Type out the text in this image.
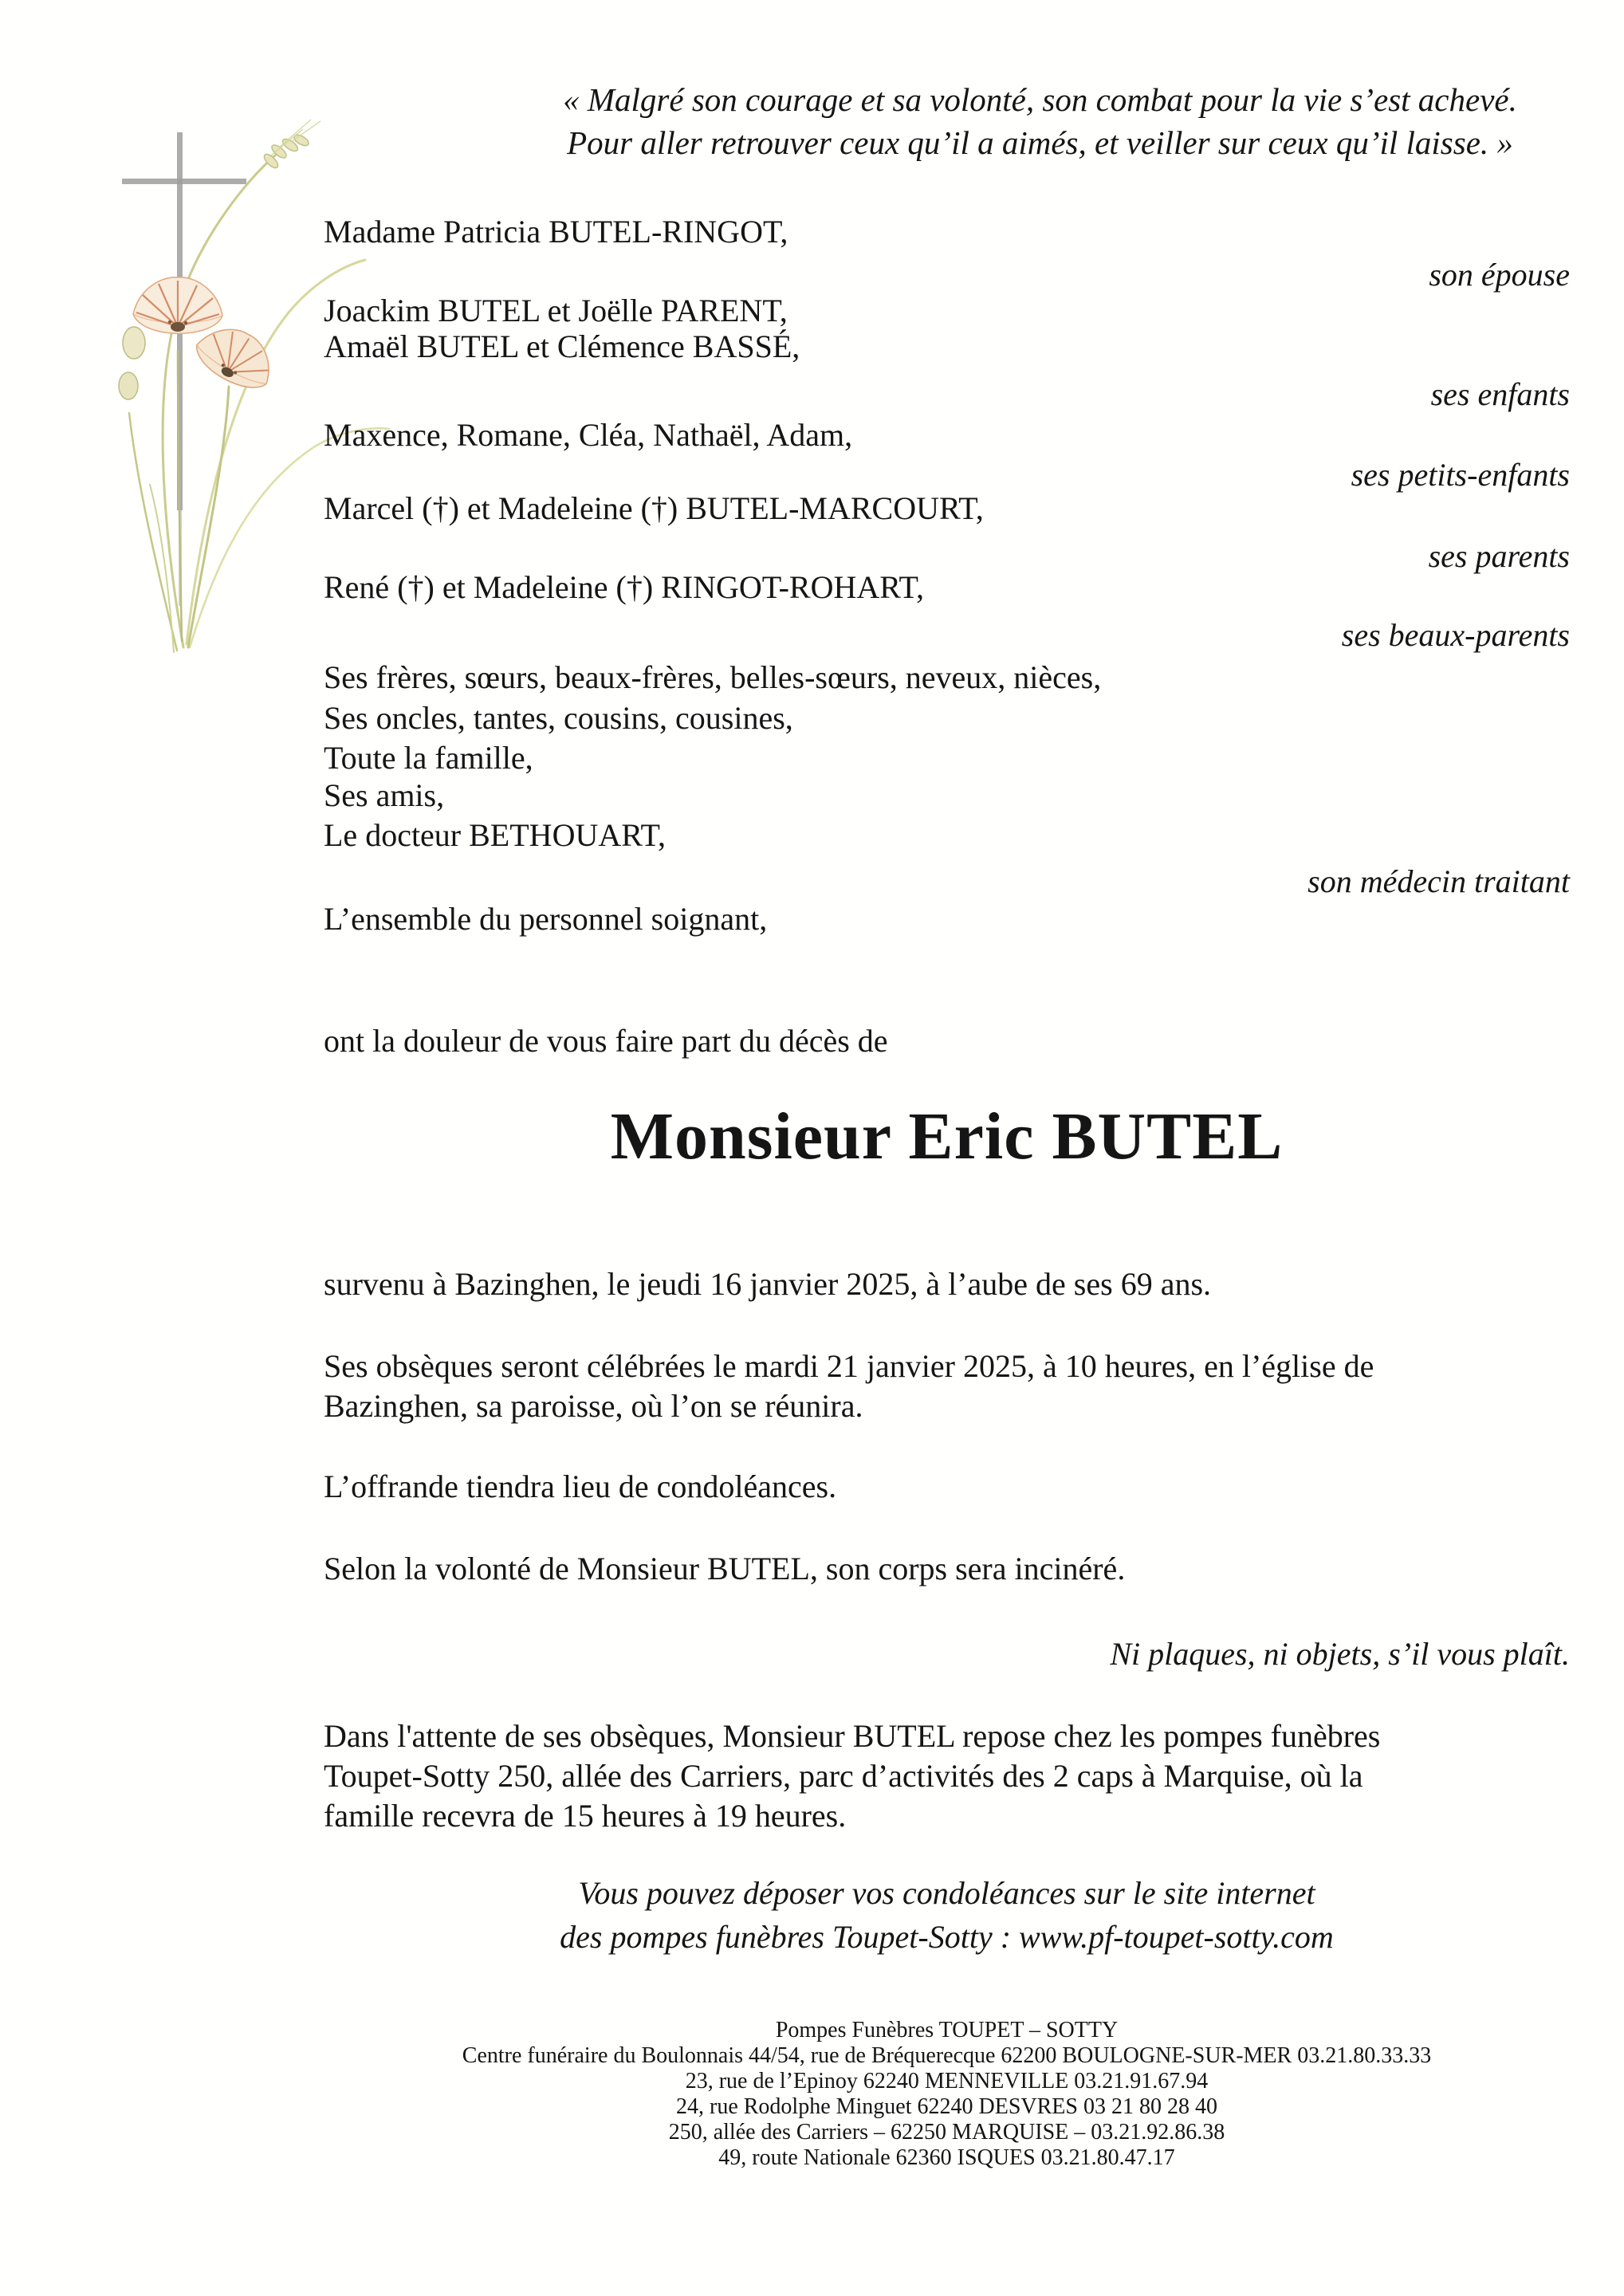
« Malgré son courage et sa volonté, son combat pour la vie s’est achevé.
Pour aller retrouver ceux qu’il a aimés, et veiller sur ceux qu’il laisse. »
Madame Patricia BUTEL-RINGOT,
son épouse
Joackim BUTEL et Joëlle PARENT,
Amaël BUTEL et Clémence BASSÉ,
ses enfants
Maxence, Romane, Cléa, Nathaël, Adam,
ses petits-enfants
Marcel (†) et Madeleine (†) BUTEL-MARCOURT,
ses parents
René (†) et Madeleine (†) RINGOT-ROHART,
ses beaux-parents
Ses frères, sœurs, beaux-frères, belles-sœurs, neveux, nièces,
Ses oncles, tantes, cousins, cousines,
Toute la famille,
Ses amis,
Le docteur BETHOUART,
son médecin traitant
L’ensemble du personnel soignant,
ont la douleur de vous faire part du décès de
Monsieur Eric BUTEL
survenu à Bazinghen, le jeudi 16 janvier 2025, à l’aube de ses 69 ans.
Ses obsèques seront célébrées le mardi 21 janvier 2025, à 10 heures, en l’église de
Bazinghen, sa paroisse, où l’on se réunira.
L’offrande tiendra lieu de condoléances.
Selon la volonté de Monsieur BUTEL, son corps sera incinéré.
Ni plaques, ni objets, s’il vous plaît.
Dans l'attente de ses obsèques, Monsieur BUTEL repose chez les pompes funèbres
Toupet-Sotty 250, allée des Carriers, parc d’activités des 2 caps à Marquise, où la
famille recevra de 15 heures à 19 heures.
Vous pouvez déposer vos condoléances sur le site internet
des pompes funèbres Toupet-Sotty : www.pf-toupet-sotty.com
Pompes Funèbres TOUPET – SOTTY
Centre funéraire du Boulonnais 44/54, rue de Bréquerecque 62200 BOULOGNE-SUR-MER 03.21.80.33.33
23, rue de l’Epinoy 62240 MENNEVILLE 03.21.91.67.94
24, rue Rodolphe Minguet 62240 DESVRES 03 21 80 28 40
250, allée des Carriers – 62250 MARQUISE – 03.21.92.86.38
49, route Nationale 62360 ISQUES 03.21.80.47.17
